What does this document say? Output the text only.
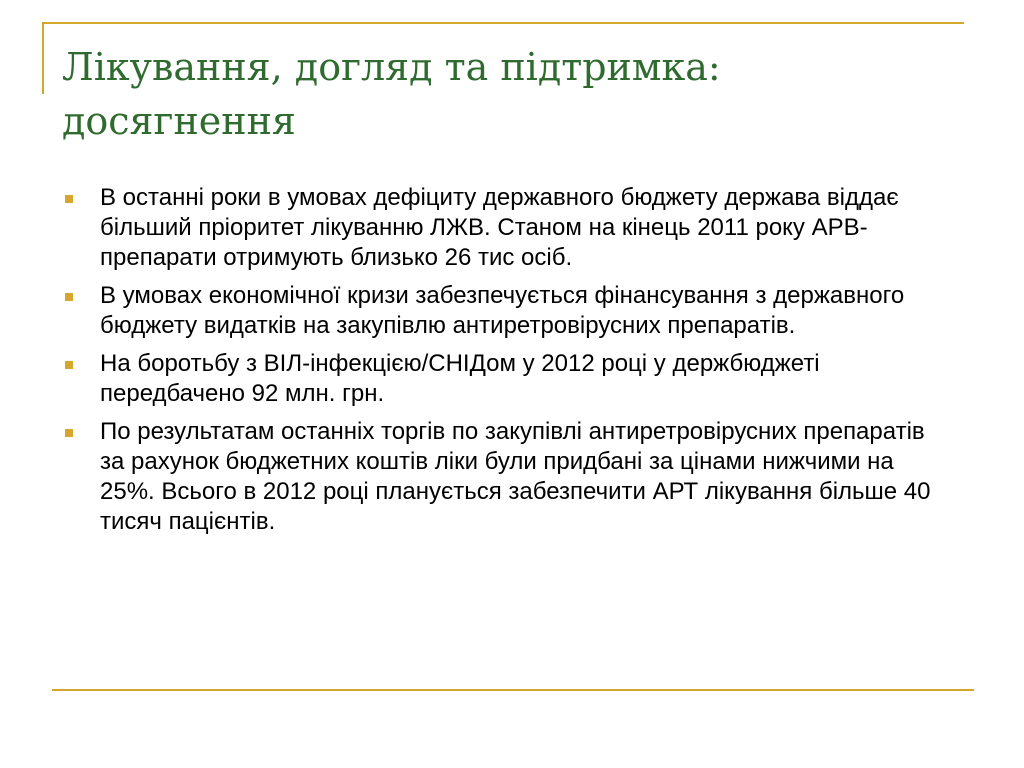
Лікування, догляд та підтримка: досягнення
В останні роки в умовах дефіциту державного бюджету держава віддає більший пріоритет лікуванню ЛЖВ. Станом на кінець 2011 року АРВ-препарати отримують близько 26 тис осіб.
В умовах економічної кризи забезпечується фінансування з державного бюджету видатків на закупівлю антиретровірусних препаратів.
На боротьбу з ВІЛ-інфекцією/СНІДом у 2012 році у держбюджеті передбачено 92 млн. грн.
По результатам останніх торгів по закупівлі антиретровірусних препаратів за рахунок бюджетних коштів ліки були придбані за цінами нижчими на 25%. Всього в 2012 році планується забезпечити АРТ лікування більше 40 тисяч пацієнтів.
